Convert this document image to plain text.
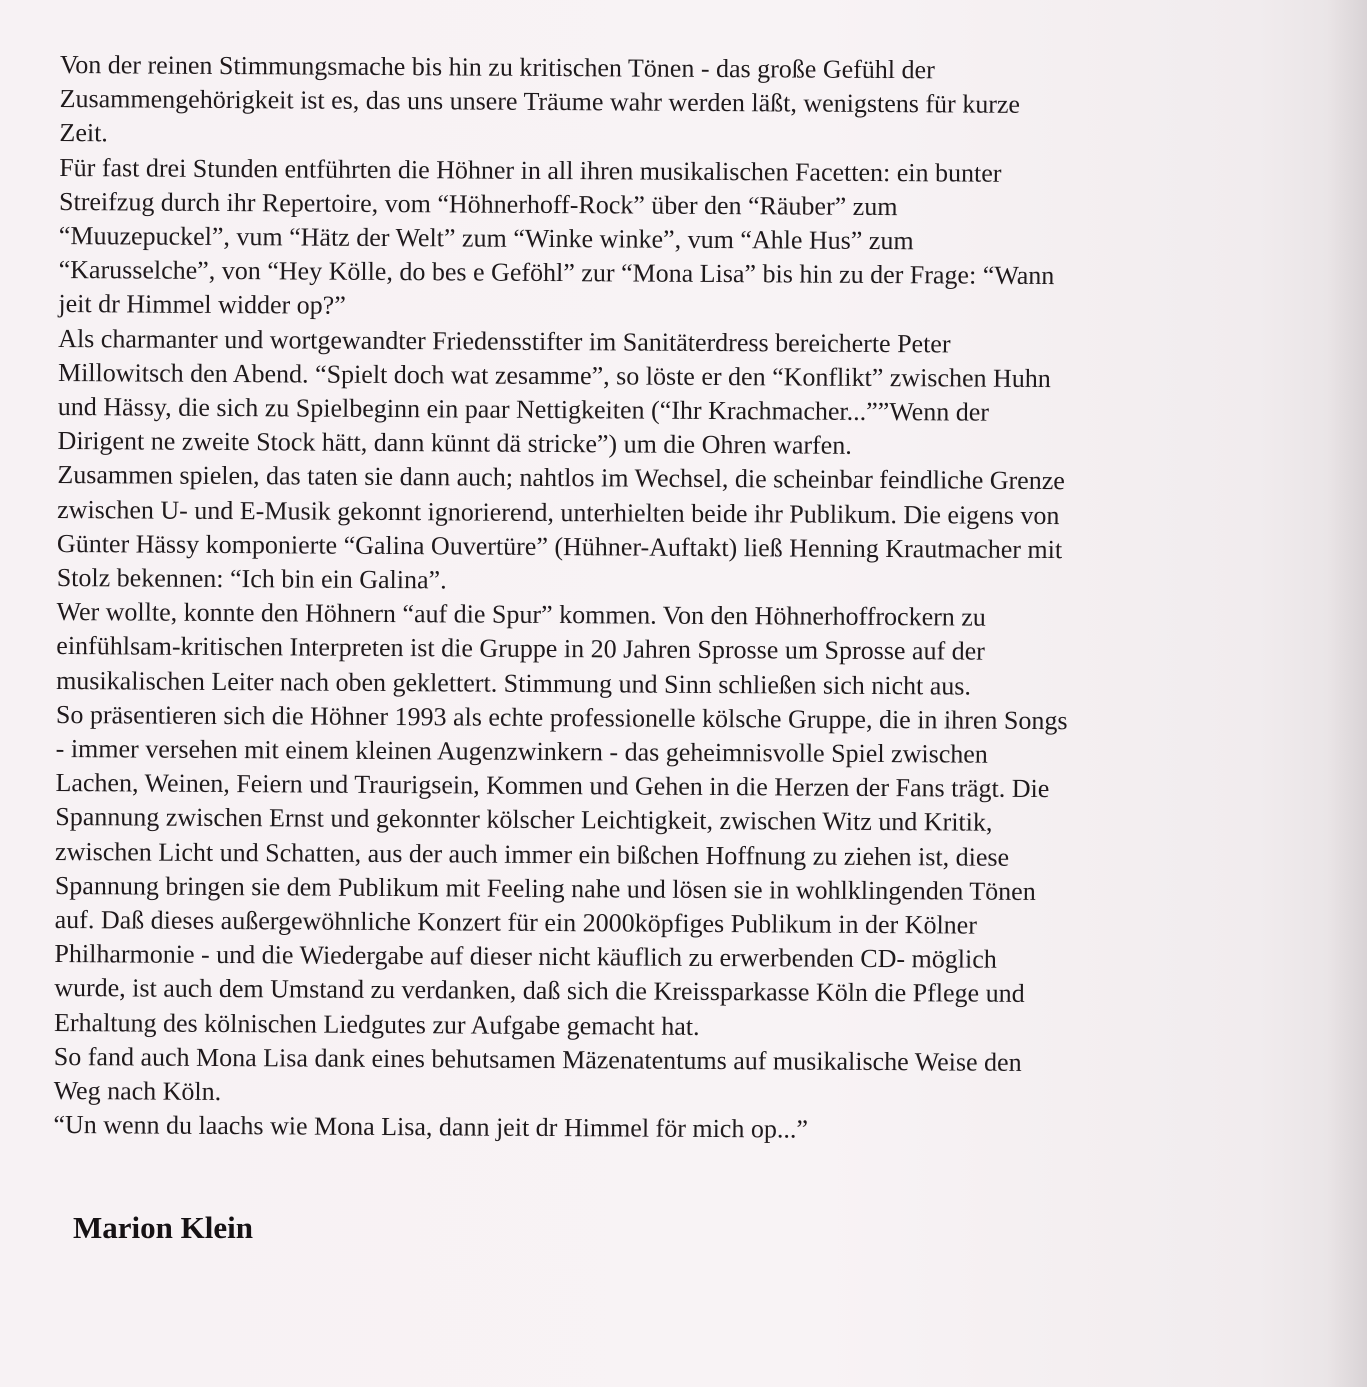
Von der reinen Stimmungsmache bis hin zu kritischen Tönen - das große Gefühl der
Zusammengehörigkeit ist es, das uns unsere Träume wahr werden läßt, wenigstens für kurze
Zeit.
Für fast drei Stunden entführten die Höhner in all ihren musikalischen Facetten: ein bunter
Streifzug durch ihr Repertoire, vom “Höhnerhoff-Rock” über den “Räuber” zum
“Muuzepuckel”, vum “Hätz der Welt” zum “Winke winke”, vum “Ahle Hus” zum
“Karusselche”, von “Hey Kölle, do bes e Geföhl” zur “Mona Lisa” bis hin zu der Frage: “Wann
jeit dr Himmel widder op?”
Als charmanter und wortgewandter Friedensstifter im Sanitäterdress bereicherte Peter
Millowitsch den Abend. “Spielt doch wat zesamme”, so löste er den “Konflikt” zwischen Huhn
und Hässy, die sich zu Spielbeginn ein paar Nettigkeiten (“Ihr Krachmacher...””Wenn der
Dirigent ne zweite Stock hätt, dann künnt dä stricke”) um die Ohren warfen.
Zusammen spielen, das taten sie dann auch; nahtlos im Wechsel, die scheinbar feindliche Grenze
zwischen U- und E-Musik gekonnt ignorierend, unterhielten beide ihr Publikum. Die eigens von
Günter Hässy komponierte “Galina Ouvertüre” (Hühner-Auftakt) ließ Henning Krautmacher mit
Stolz bekennen: “Ich bin ein Galina”.
Wer wollte, konnte den Höhnern “auf die Spur” kommen. Von den Höhnerhoffrockern zu
einfühlsam-kritischen Interpreten ist die Gruppe in 20 Jahren Sprosse um Sprosse auf der
musikalischen Leiter nach oben geklettert. Stimmung und Sinn schließen sich nicht aus.
So präsentieren sich die Höhner 1993 als echte professionelle kölsche Gruppe, die in ihren Songs
- immer versehen mit einem kleinen Augenzwinkern - das geheimnisvolle Spiel zwischen
Lachen, Weinen, Feiern und Traurigsein, Kommen und Gehen in die Herzen der Fans trägt. Die
Spannung zwischen Ernst und gekonnter kölscher Leichtigkeit, zwischen Witz und Kritik,
zwischen Licht und Schatten, aus der auch immer ein bißchen Hoffnung zu ziehen ist, diese
Spannung bringen sie dem Publikum mit Feeling nahe und lösen sie in wohlklingenden Tönen
auf. Daß dieses außergewöhnliche Konzert für ein 2000köpfiges Publikum in der Kölner
Philharmonie - und die Wiedergabe auf dieser nicht käuflich zu erwerbenden CD- möglich
wurde, ist auch dem Umstand zu verdanken, daß sich die Kreissparkasse Köln die Pflege und
Erhaltung des kölnischen Liedgutes zur Aufgabe gemacht hat.
So fand auch Mona Lisa dank eines behutsamen Mäzenatentums auf musikalische Weise den
Weg nach Köln.
“Un wenn du laachs wie Mona Lisa, dann jeit dr Himmel för mich op...”
Marion Klein
